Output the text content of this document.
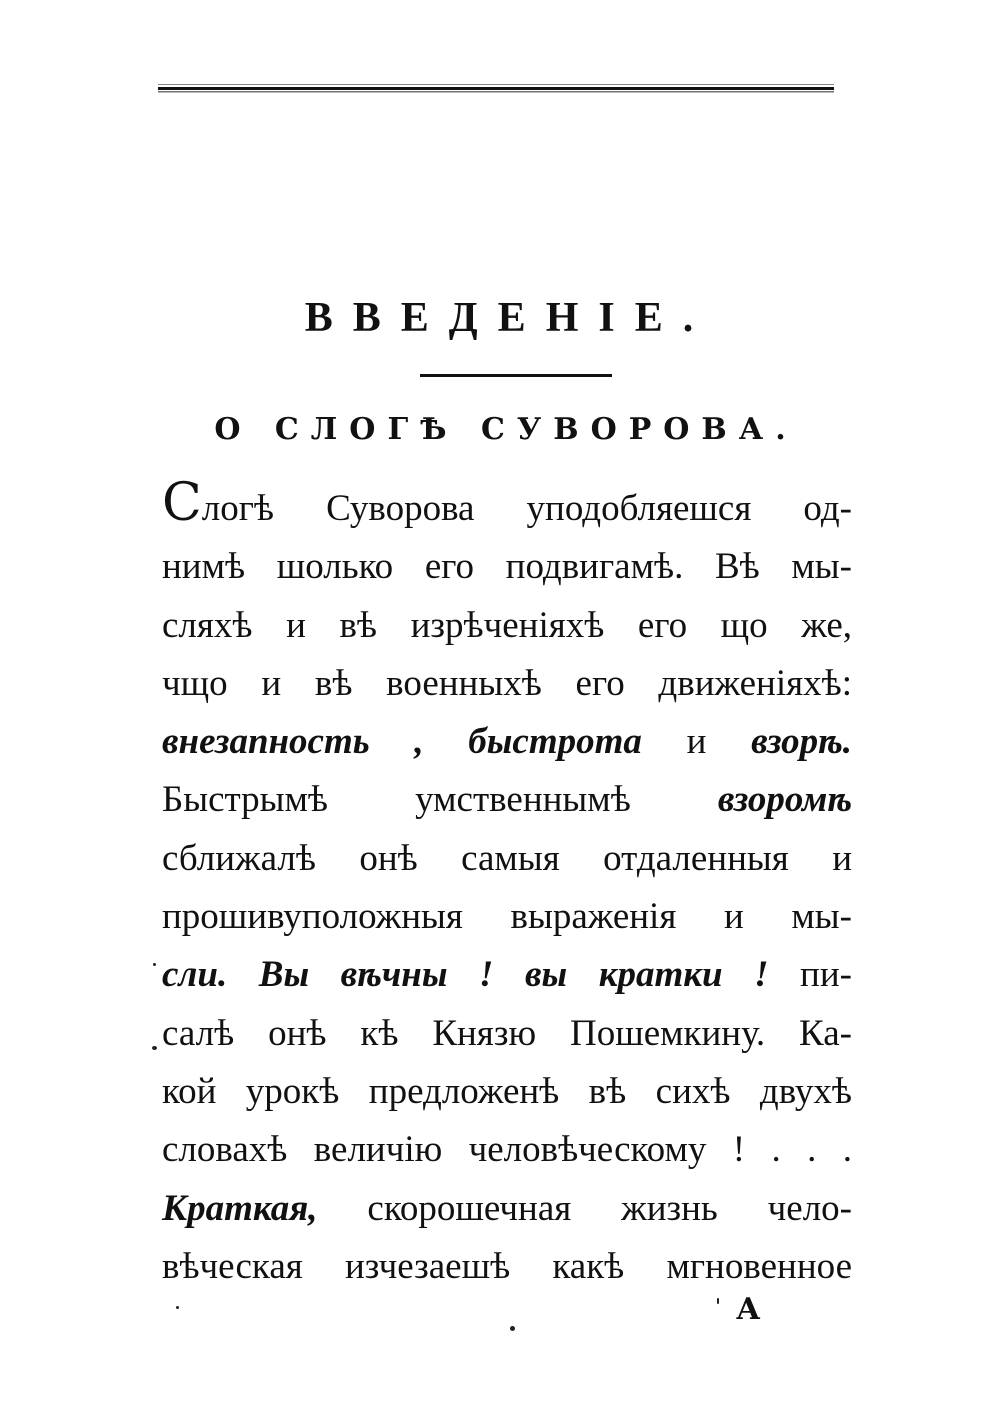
ВВЕДЕНІЕ.
О СЛОГѢ СУВОРОВА.
Слогѣ Суворова уподобляешся од-
нимѣ шолько его подвигамѣ. Вѣ мы-
сляхѣ и вѣ изрѣченіяхѣ его що же,
чщо и вѣ военныхѣ его движеніяхѣ:
внезапность , быстрота и взорѣ.
Быстрымѣ умственнымѣ взоромѣ
сближалѣ онѣ самыя отдаленныя и
прошивуположныя выраженія и мы-
сли. Вы вѣчны ! вы кратки ! пи-
салѣ онѣ кѣ Князю Пошемкину. Ка-
кой урокѣ предложенѣ вѣ сихѣ двухѣ
словахѣ величію человѣческому ! . . .
Краткая, скорошечная жизнь чело-
вѣческая изчезаешѣ какѣ мгновенное
А
